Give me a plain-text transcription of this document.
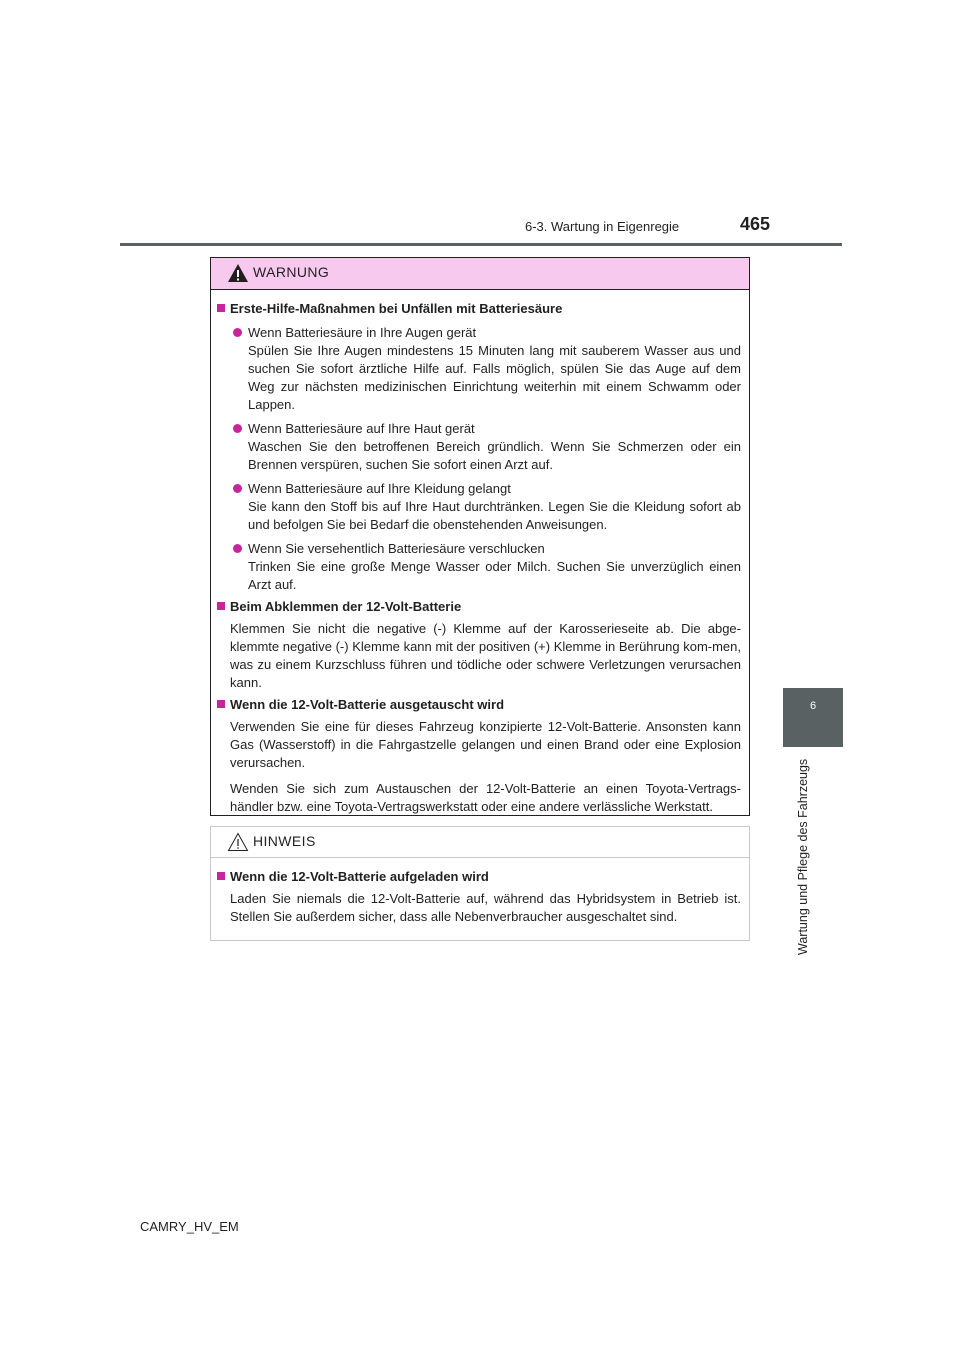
6-3. Wartung in Eigenregie	465
6
Wartung und Pflege des Fahrzeugs
WARNUNG
Erste-Hilfe-Maßnahmen bei Unfällen mit Batteriesäure
Wenn Batteriesäure in Ihre Augen gerät
Spülen Sie Ihre Augen mindestens 15 Minuten lang mit sauberem Wasser aus und suchen Sie sofort ärztliche Hilfe auf. Falls möglich, spülen Sie das Auge auf dem Weg zur nächsten medizinischen Einrichtung weiterhin mit einem Schwamm oder Lappen.
Wenn Batteriesäure auf Ihre Haut gerät
Waschen Sie den betroffenen Bereich gründlich. Wenn Sie Schmerzen oder ein Brennen verspüren, suchen Sie sofort einen Arzt auf.
Wenn Batteriesäure auf Ihre Kleidung gelangt
Sie kann den Stoff bis auf Ihre Haut durchtränken. Legen Sie die Kleidung sofort ab und befolgen Sie bei Bedarf die obenstehenden Anweisungen.
Wenn Sie versehentlich Batteriesäure verschlucken
Trinken Sie eine große Menge Wasser oder Milch. Suchen Sie unverzüglich einen Arzt auf.
Beim Abklemmen der 12-Volt-Batterie
Klemmen Sie nicht die negative (-) Klemme auf der Karosserieseite ab. Die abge-klemmte negative (-) Klemme kann mit der positiven (+) Klemme in Berührung kom-men, was zu einem Kurzschluss führen und tödliche oder schwere Verletzungen verursachen kann.
Wenn die 12-Volt-Batterie ausgetauscht wird
Verwenden Sie eine für dieses Fahrzeug konzipierte 12-Volt-Batterie. Ansonsten kann Gas (Wasserstoff) in die Fahrgastzelle gelangen und einen Brand oder eine Explosion verursachen.
Wenden Sie sich zum Austauschen der 12-Volt-Batterie an einen Toyota-Vertrags-händler bzw. eine Toyota-Vertragswerkstatt oder eine andere verlässliche Werkstatt.
HINWEIS
Wenn die 12-Volt-Batterie aufgeladen wird
Laden Sie niemals die 12-Volt-Batterie auf, während das Hybridsystem in Betrieb ist. Stellen Sie außerdem sicher, dass alle Nebenverbraucher ausgeschaltet sind.
CAMRY_HV_EM
